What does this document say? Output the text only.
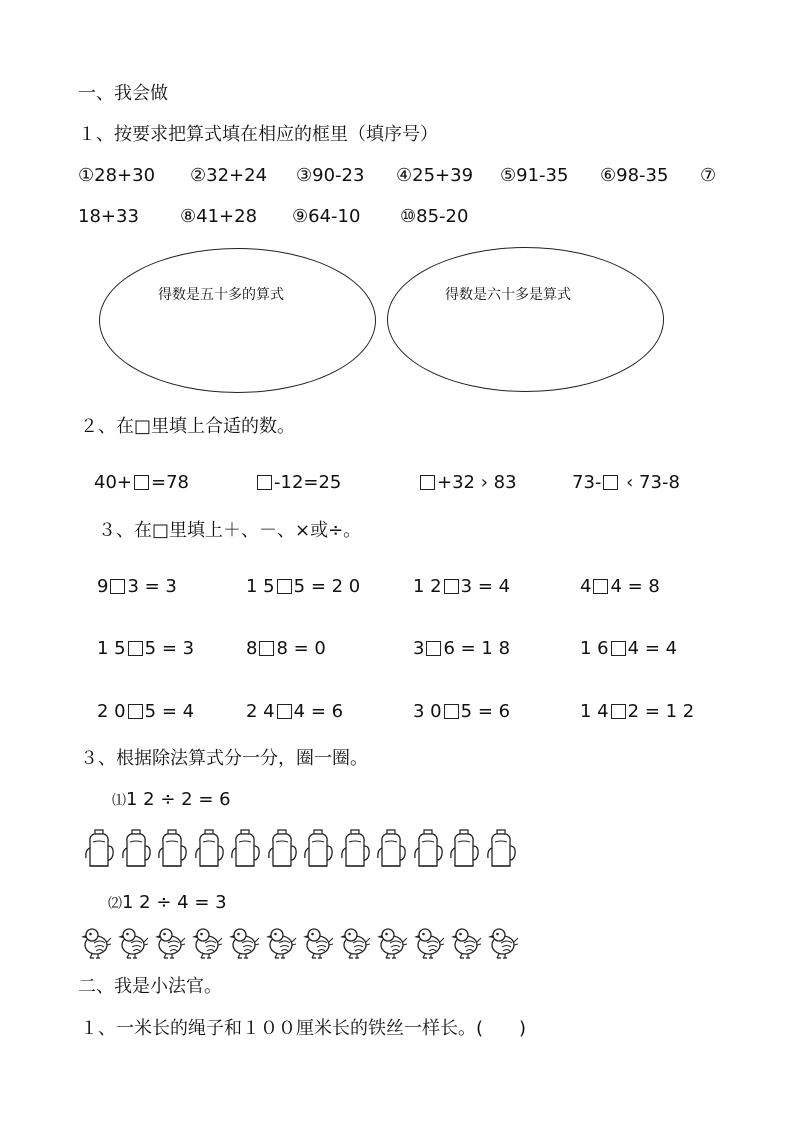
一、我会做
１、按要求把算式填在相应的框里（填序号）
①28+30 ②32+24 ③90-23 ④25+39 ⑤91-35 ⑥98-35 ⑦
18+33 ⑧41+28 ⑨64-10 ⑩85-20
得数是五十多的算式	得数是六十多是算式
２、在□里填上合适的数。
40+ =78	-12=25	+32 › 83	73- ‹ 73-8
３、在□里填上＋、－、×或÷。
9 3 = 3	1 5 5 = 2 0	1 2 3 = 4	4 4 = 8
1 5 5 = 3	8 8 = 0	3 6 = 1 8	1 6 4 = 4
2 0 5 = 4	2 4 4 = 6	3 0 5 = 6	1 4 2 = 1 2
３、根据除法算式分一分，圈一圈。
⑴1 2 ÷ 2 = 6
⑵1 2 ÷ 4 = 3
二、我是小法官。
１、一米长的绳子和１００厘米长的铁丝一样长。(　　)
